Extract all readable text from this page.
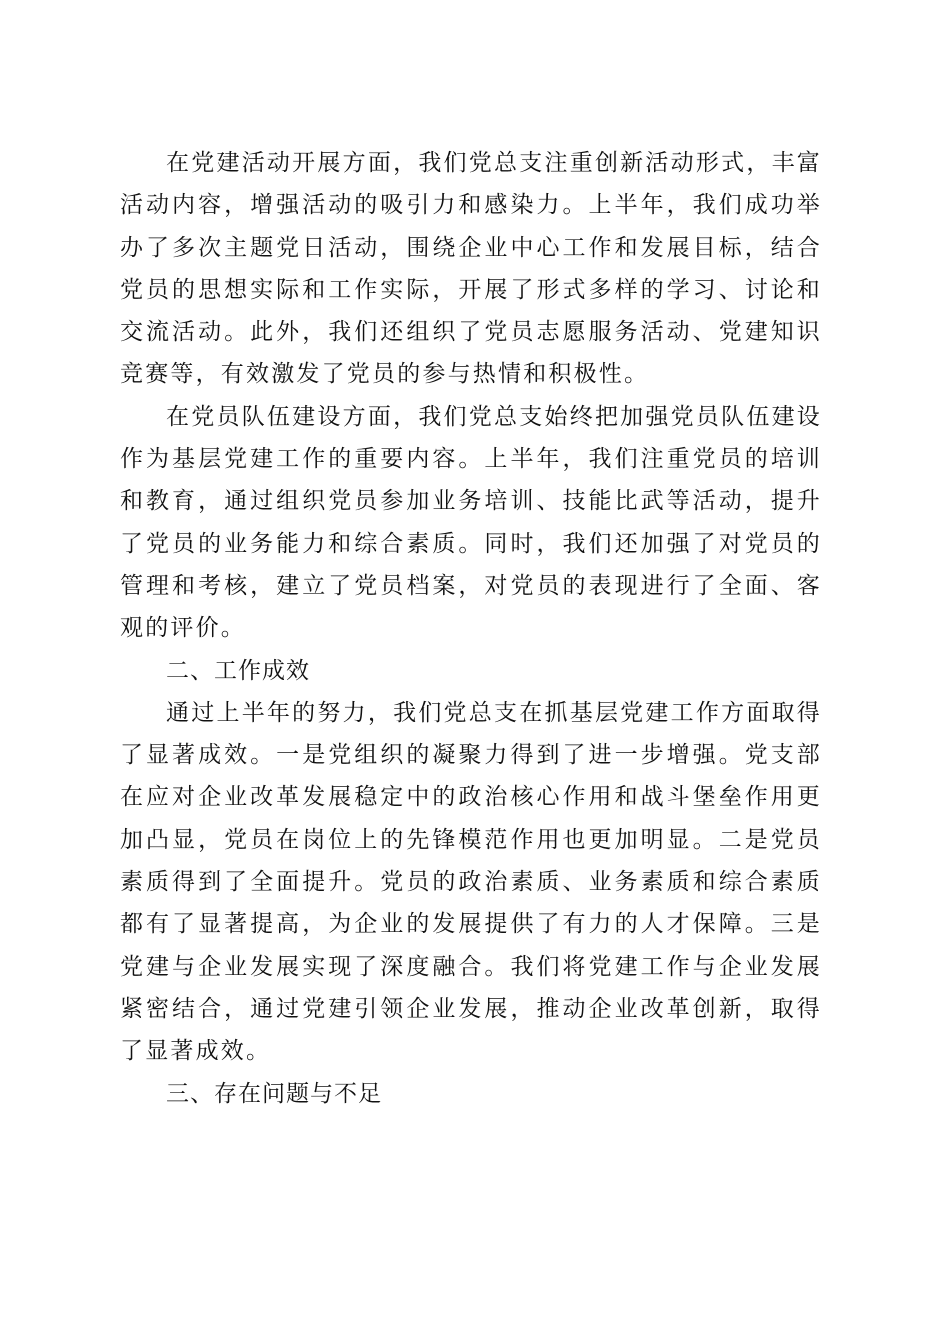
在党建活动开展方面，我们党总支注重创新活动形式，丰富活动内容，增强活动的吸引力和感染力。上半年，我们成功举办了多次主题党日活动，围绕企业中心工作和发展目标，结合党员的思想实际和工作实际，开展了形式多样的学习、讨论和交流活动。此外，我们还组织了党员志愿服务活动、党建知识竞赛等，有效激发了党员的参与热情和积极性。

在党员队伍建设方面，我们党总支始终把加强党员队伍建设作为基层党建工作的重要内容。上半年，我们注重党员的培训和教育，通过组织党员参加业务培训、技能比武等活动，提升了党员的业务能力和综合素质。同时，我们还加强了对党员的管理和考核，建立了党员档案，对党员的表现进行了全面、客观的评价。

二、工作成效

通过上半年的努力，我们党总支在抓基层党建工作方面取得了显著成效。一是党组织的凝聚力得到了进一步增强。党支部在应对企业改革发展稳定中的政治核心作用和战斗堡垒作用更加凸显，党员在岗位上的先锋模范作用也更加明显。二是党员素质得到了全面提升。党员的政治素质、业务素质和综合素质都有了显著提高，为企业的发展提供了有力的人才保障。三是党建与企业发展实现了深度融合。我们将党建工作与企业发展紧密结合，通过党建引领企业发展，推动企业改革创新，取得了显著成效。

三、存在问题与不足
